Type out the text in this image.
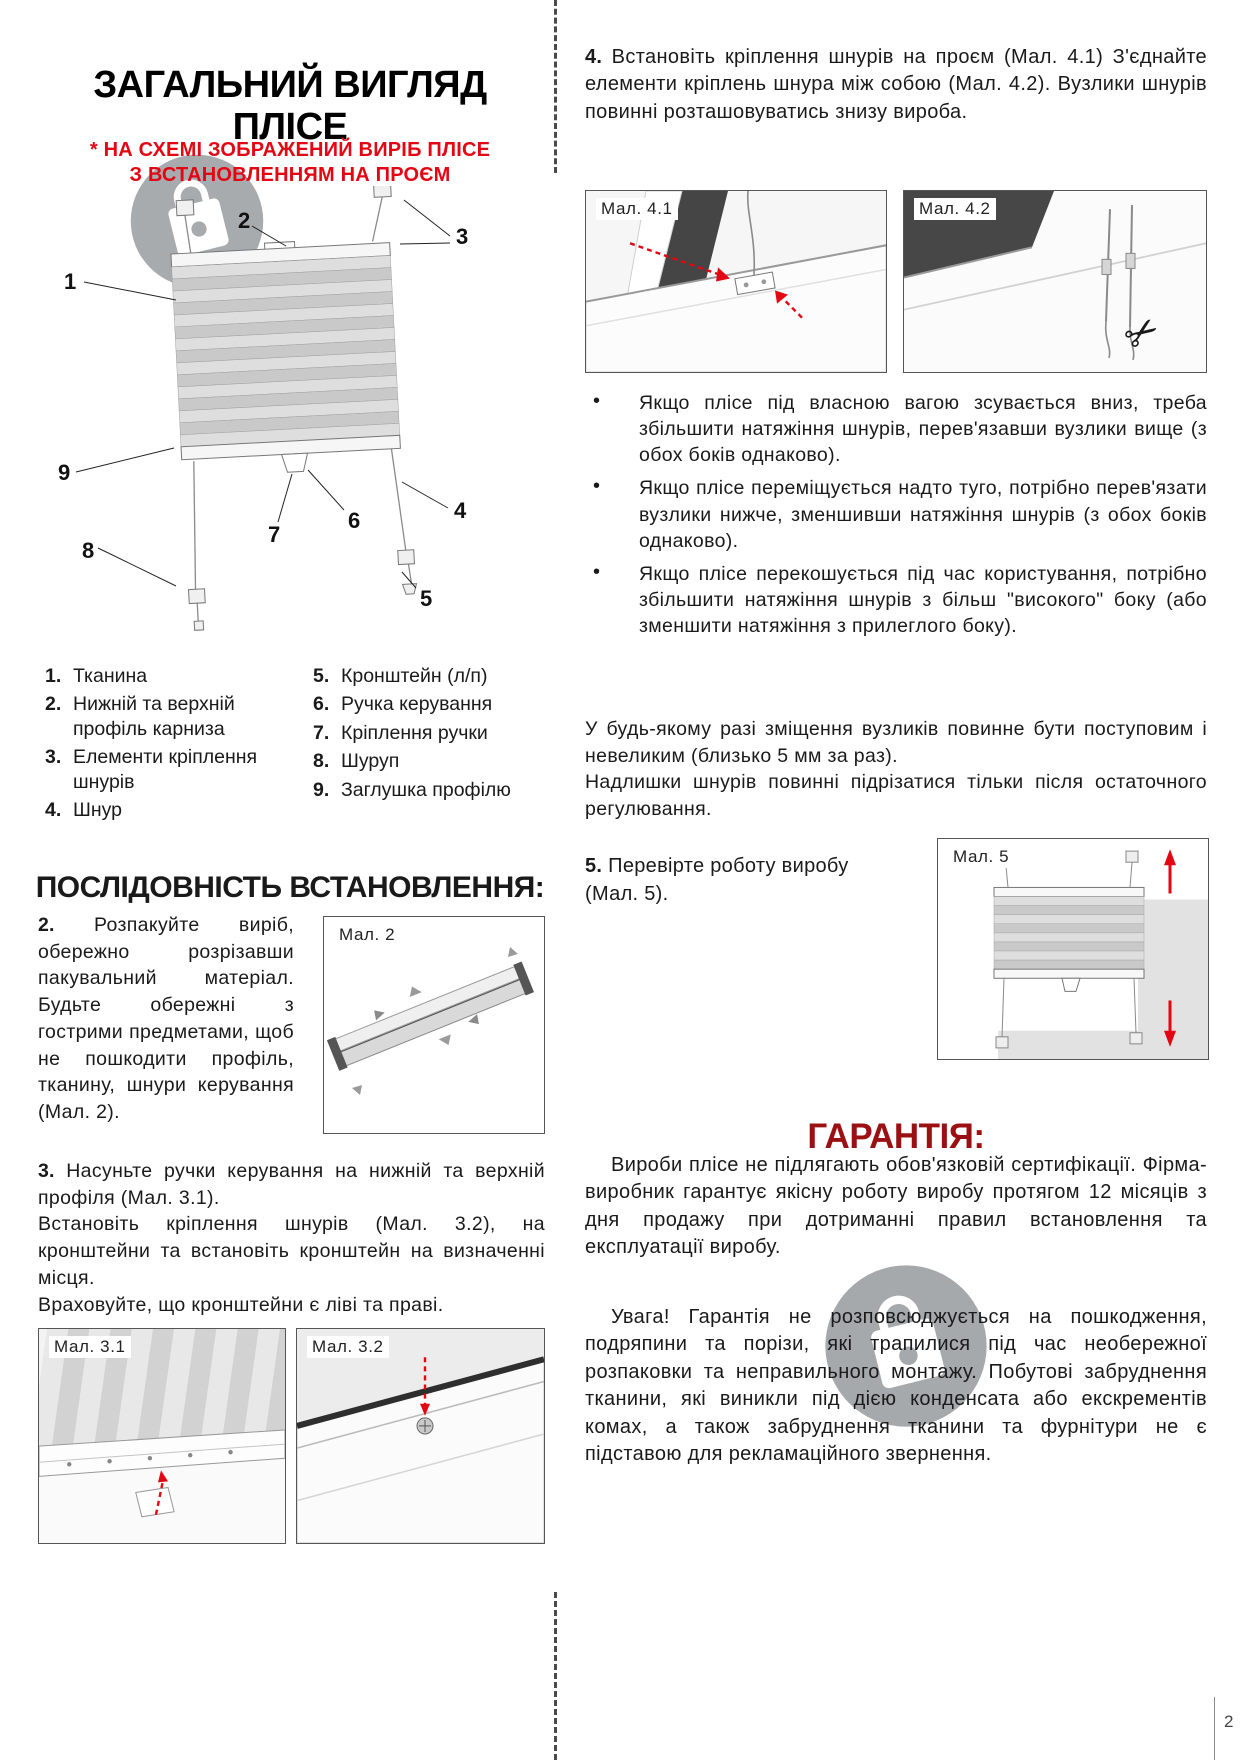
ЗАГАЛЬНИЙ ВИГЛЯД
ПЛІСЕ
* НА СХЕМІ ЗОБРАЖЕНИЙ ВИРІБ ПЛІСЕ
З ВСТАНОВЛЕННЯМ НА ПРОЄМ
1
2
3
4
5
6
7
8
9
1. Тканина
2. Нижній та верхній профіль карниза
3. Елементи кріплення шнурів
4. Шнур
5. Кронштейн (л/п)
6. Ручка керування
7. Кріплення ручки
8. Шуруп
9. Заглушка профілю
ПОСЛІДОВНІСТЬ ВСТАНОВЛЕННЯ:
2. Розпакуйте виріб, обережно розрізавши пакувальний матеріал. Будьте обережні з гострими предметами, щоб не пошкодити профіль, тканину, шнури керування (Мал. 2).
Мал. 2
3. Насуньте ручки керування на нижній та верхній профіля (Мал. 3.1).
Встановіть кріплення шнурів (Мал. 3.2), на кронштейни та встановіть кронштейн на визначенні місця.
Враховуйте, що кронштейни є ліві та праві.
Мал. 3.1	Мал. 3.2
4. Встановіть кріплення шнурів на проєм (Мал. 4.1) З'єднайте елементи кріплень шнура між собою (Мал. 4.2). Вузлики шнурів повинні розташовуватись знизу вироба.
Мал. 4.1	Мал. 4.2
✂
• Якщо плісе під власною вагою зсувається вниз, треба збільшити натяжіння шнурів, перев'язавши вузлики вище (з обох боків однаково).
• Якщо плісе переміщується надто туго, потрібно перев'язати вузлики нижче, зменшивши натяжіння шнурів (з обох боків однаково).
• Якщо плісе перекошується під час користування, потрібно збільшити натяжіння шнурів з більш "високого" боку (або зменшити натяжіння з прилеглого боку).
У будь-якому разі зміщення вузликів повинне бути поступовим і невеликим (близько 5 мм за раз).
Надлишки шнурів повинні підрізатися тільки після остаточного регулювання.
5. Перевірте роботу виробу (Мал. 5).
Мал. 5
ГАРАНТІЯ:
Вироби плісе не підлягають обов'язковій сертифікації. Фірма-виробник гарантує якісну роботу виробу протягом 12 місяців з дня продажу при дотриманні правил встановлення та експлуатації виробу.
Увага! Гарантія не розповсюджується на пошкодження, подряпини та порізи, які трапилися під час необережної розпаковки та неправильного монтажу. Побутові забруднення тканини, які виникли під дією конденсата або екскрементів комах, а також забруднення тканини та фурнітури не є підставою для рекламаційного звернення.
2
